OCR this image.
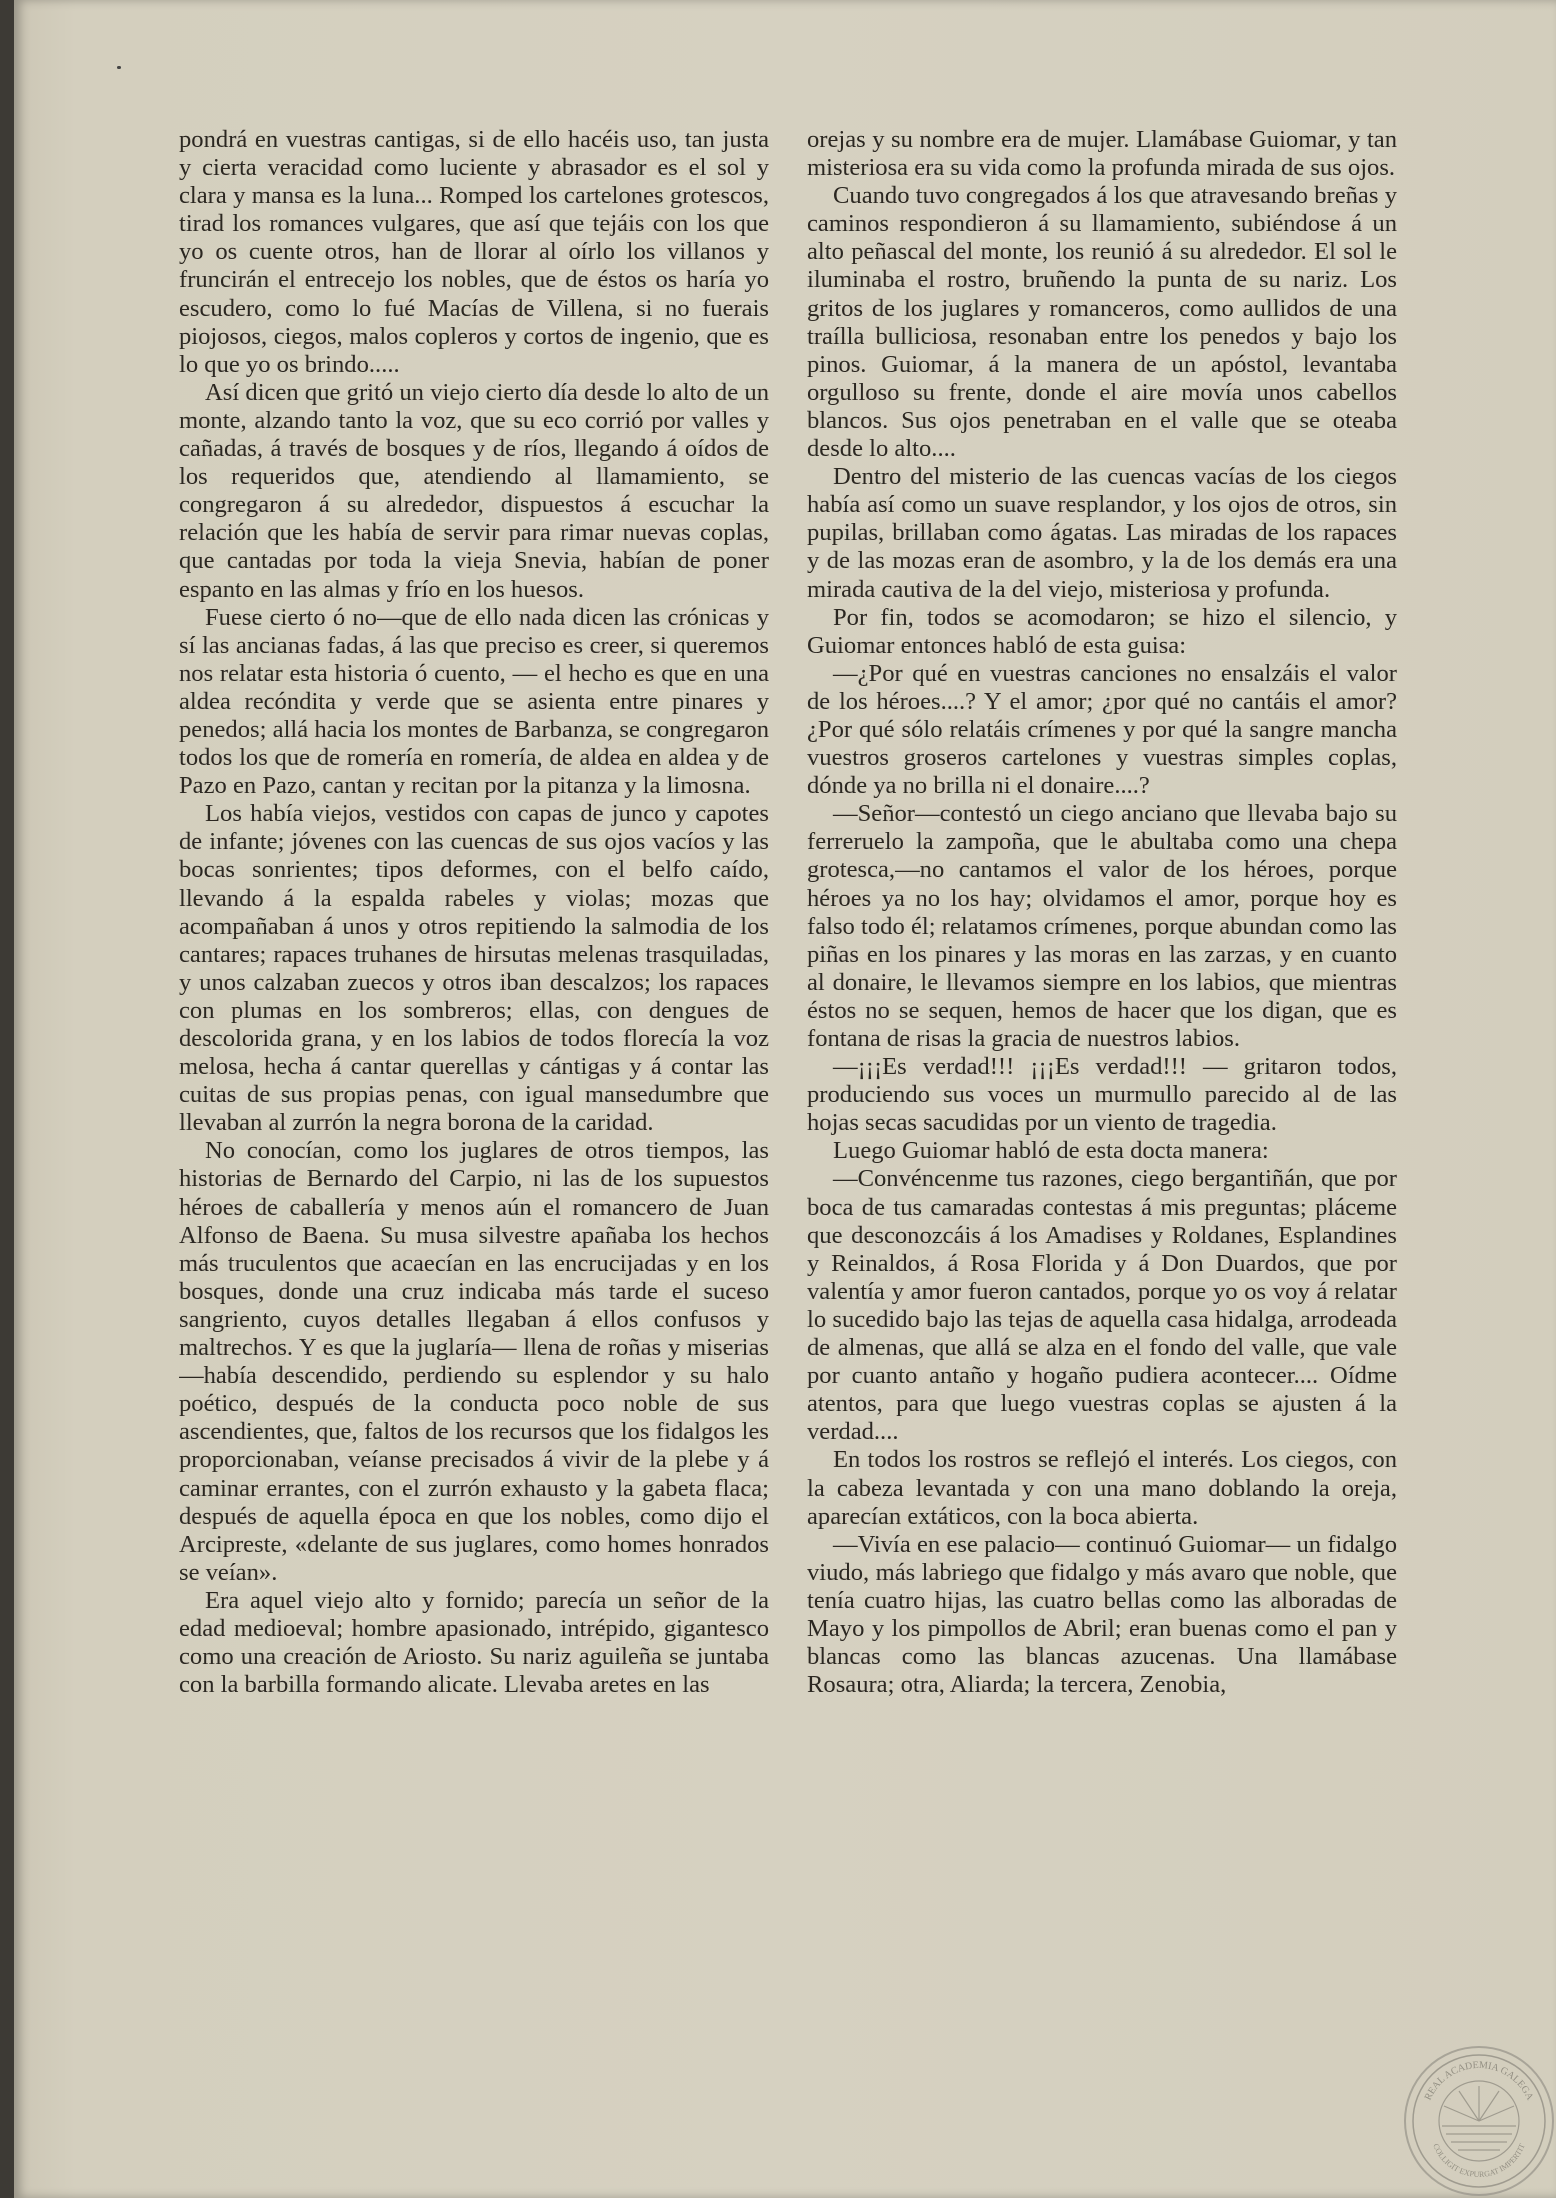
pondrá en vuestras cantigas, si de ello hacéis uso, tan justa y cierta veracidad como luciente y abrasador es el sol y clara y mansa es la luna... Romped los cartelones grotescos, tirad los romances vulgares, que así que tejáis con los que yo os cuente otros, han de llorar al oírlo los villanos y fruncirán el entrecejo los nobles, que de éstos os haría yo escudero, como lo fué Macías de Villena, si no fuerais piojosos, ciegos, malos copleros y cortos de ingenio, que es lo que yo os brindo.....

Así dicen que gritó un viejo cierto día desde lo alto de un monte, alzando tanto la voz, que su eco corrió por valles y cañadas, á través de bosques y de ríos, llegando á oídos de los requeridos que, atendiendo al llamamiento, se congregaron á su alrededor, dispuestos á escuchar la relación que les había de servir para rimar nuevas coplas, que cantadas por toda la vieja Snevia, habían de poner espanto en las almas y frío en los huesos.

Fuese cierto ó no—que de ello nada dicen las crónicas y sí las ancianas fadas, á las que preciso es creer, si queremos nos relatar esta historia ó cuento, — el hecho es que en una aldea recóndita y verde que se asienta entre pinares y penedos; allá hacia los montes de Barbanza, se congregaron todos los que de romería en romería, de aldea en aldea y de Pazo en Pazo, cantan y recitan por la pitanza y la limosna.

Los había viejos, vestidos con capas de junco y capotes de infante; jóvenes con las cuencas de sus ojos vacíos y las bocas sonrientes; tipos deformes, con el belfo caído, llevando á la espalda rabeles y violas; mozas que acompañaban á unos y otros repitiendo la salmodia de los cantares; rapaces truhanes de hirsutas melenas trasquiladas, y unos calzaban zuecos y otros iban descalzos; los rapaces con plumas en los sombreros; ellas, con dengues de descolorida grana, y en los labios de todos florecía la voz melosa, hecha á cantar querellas y cántigas y á contar las cuitas de sus propias penas, con igual mansedumbre que llevaban al zurrón la negra borona de la caridad.

No conocían, como los juglares de otros tiempos, las historias de Bernardo del Carpio, ni las de los supuestos héroes de caballería y menos aún el romancero de Juan Alfonso de Baena. Su musa silvestre apañaba los hechos más truculentos que acaecían en las encrucijadas y en los bosques, donde una cruz indicaba más tarde el suceso sangriento, cuyos detalles llegaban á ellos confusos y maltrechos. Y es que la juglaría— llena de roñas y miserias—había descendido, perdiendo su esplendor y su halo poético, después de la conducta poco noble de sus ascendientes, que, faltos de los recursos que los fidalgos les proporcionaban, veíanse precisados á vivir de la plebe y á caminar errantes, con el zurrón exhausto y la gabeta flaca; después de aquella época en que los nobles, como dijo el Arcipreste, «delante de sus juglares, como homes honrados se veían».

Era aquel viejo alto y fornido; parecía un señor de la edad medioeval; hombre apasionado, intrépido, gigantesco como una creación de Ariosto. Su nariz aguileña se juntaba con la barbilla formando alicate. Llevaba aretes en las

orejas y su nombre era de mujer. Llamábase Guiomar, y tan misteriosa era su vida como la profunda mirada de sus ojos.

Cuando tuvo congregados á los que atravesando breñas y caminos respondieron á su llamamiento, subiéndose á un alto peñascal del monte, los reunió á su alrededor. El sol le iluminaba el rostro, bruñendo la punta de su nariz. Los gritos de los juglares y romanceros, como aullidos de una traílla bulliciosa, resonaban entre los penedos y bajo los pinos. Guiomar, á la manera de un apóstol, levantaba orgulloso su frente, donde el aire movía unos cabellos blancos. Sus ojos penetraban en el valle que se oteaba desde lo alto....

Dentro del misterio de las cuencas vacías de los ciegos había así como un suave resplandor, y los ojos de otros, sin pupilas, brillaban como ágatas. Las miradas de los rapaces y de las mozas eran de asombro, y la de los demás era una mirada cautiva de la del viejo, misteriosa y profunda.

Por fin, todos se acomodaron; se hizo el silencio, y Guiomar entonces habló de esta guisa:

—¿Por qué en vuestras canciones no ensalzáis el valor de los héroes....? Y el amor; ¿por qué no cantáis el amor? ¿Por qué sólo relatáis crímenes y por qué la sangre mancha vuestros groseros cartelones y vuestras simples coplas, dónde ya no brilla ni el donaire....?

—Señor—contestó un ciego anciano que llevaba bajo su ferreruelo la zampoña, que le abultaba como una chepa grotesca,—no cantamos el valor de los héroes, porque héroes ya no los hay; olvidamos el amor, porque hoy es falso todo él; relatamos crímenes, porque abundan como las piñas en los pinares y las moras en las zarzas, y en cuanto al donaire, le llevamos siempre en los labios, que mientras éstos no se sequen, hemos de hacer que los digan, que es fontana de risas la gracia de nuestros labios.

—¡¡¡Es verdad!!! ¡¡¡Es verdad!!! — gritaron todos, produciendo sus voces un murmullo parecido al de las hojas secas sacudidas por un viento de tragedia.

Luego Guiomar habló de esta docta manera:

—Convéncenme tus razones, ciego bergantiñán, que por boca de tus camaradas contestas á mis preguntas; pláceme que desconozcáis á los Amadises y Roldanes, Esplandines y Reinaldos, á Rosa Florida y á Don Duardos, que por valentía y amor fueron cantados, porque yo os voy á relatar lo sucedido bajo las tejas de aquella casa hidalga, arrodeada de almenas, que allá se alza en el fondo del valle, que vale por cuanto antaño y hogaño pudiera acontecer.... Oídme atentos, para que luego vuestras coplas se ajusten á la verdad....

En todos los rostros se reflejó el interés. Los ciegos, con la cabeza levantada y con una mano doblando la oreja, aparecían extáticos, con la boca abierta.

—Vivía en ese palacio— continuó Guiomar— un fidalgo viudo, más labriego que fidalgo y más avaro que noble, que tenía cuatro hijas, las cuatro bellas como las alboradas de Mayo y los pimpollos de Abril; eran buenas como el pan y blancas como las blancas azucenas. Una llamábase Rosaura; otra, Aliarda; la tercera, Zenobia,

REAL ACADEMIA GALEGA
COLLIGIT EXPURGAT IMPERTIT
